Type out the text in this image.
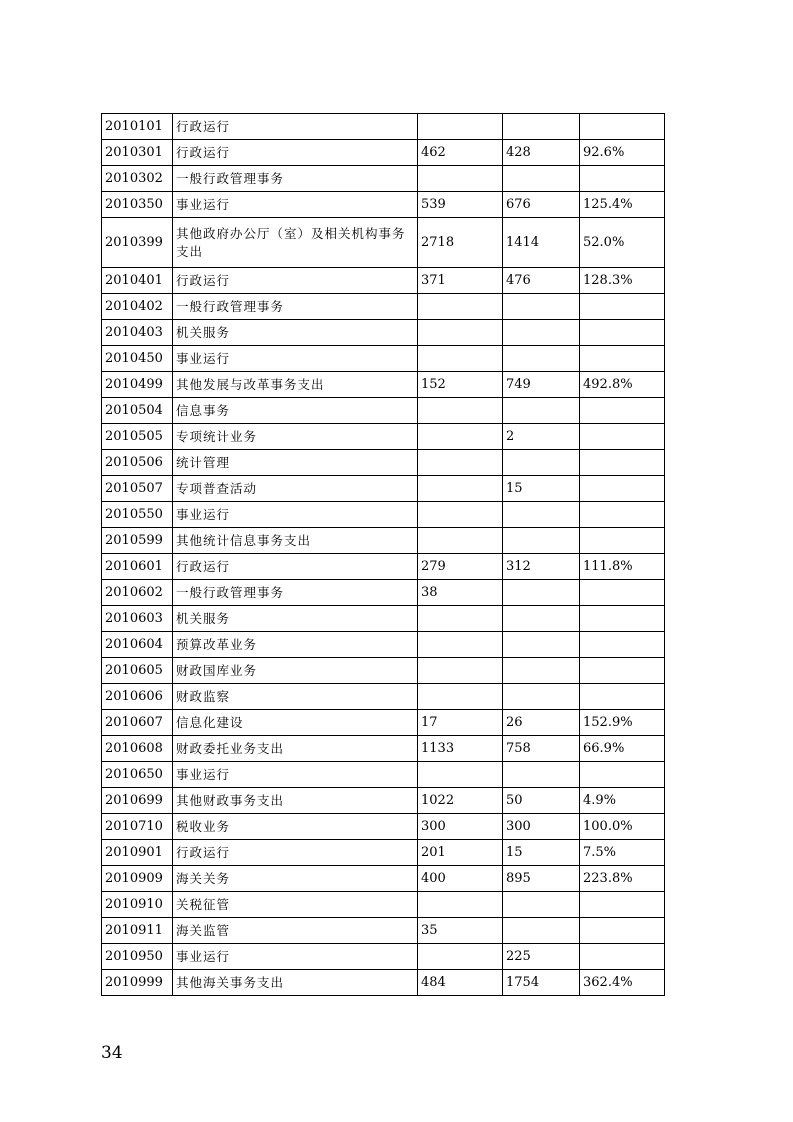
2010101	行政运行			
2010301	行政运行	462	428	92.6%
2010302	一般行政管理事务			
2010350	事业运行	539	676	125.4%
2010399	其他政府办公厅（室）及相关机构事务支出	2718	1414	52.0%
2010401	行政运行	371	476	128.3%
2010402	一般行政管理事务			
2010403	机关服务			
2010450	事业运行			
2010499	其他发展与改革事务支出	152	749	492.8%
2010504	信息事务			
2010505	专项统计业务		2	
2010506	统计管理			
2010507	专项普查活动		15	
2010550	事业运行			
2010599	其他统计信息事务支出			
2010601	行政运行	279	312	111.8%
2010602	一般行政管理事务	38		
2010603	机关服务			
2010604	预算改革业务			
2010605	财政国库业务			
2010606	财政监察			
2010607	信息化建设	17	26	152.9%
2010608	财政委托业务支出	1133	758	66.9%
2010650	事业运行			
2010699	其他财政事务支出	1022	50	4.9%
2010710	税收业务	300	300	100.0%
2010901	行政运行	201	15	7.5%
2010909	海关关务	400	895	223.8%
2010910	关税征管			
2010911	海关监管	35		
2010950	事业运行		225	
2010999	其他海关事务支出	484	1754	362.4%
34
